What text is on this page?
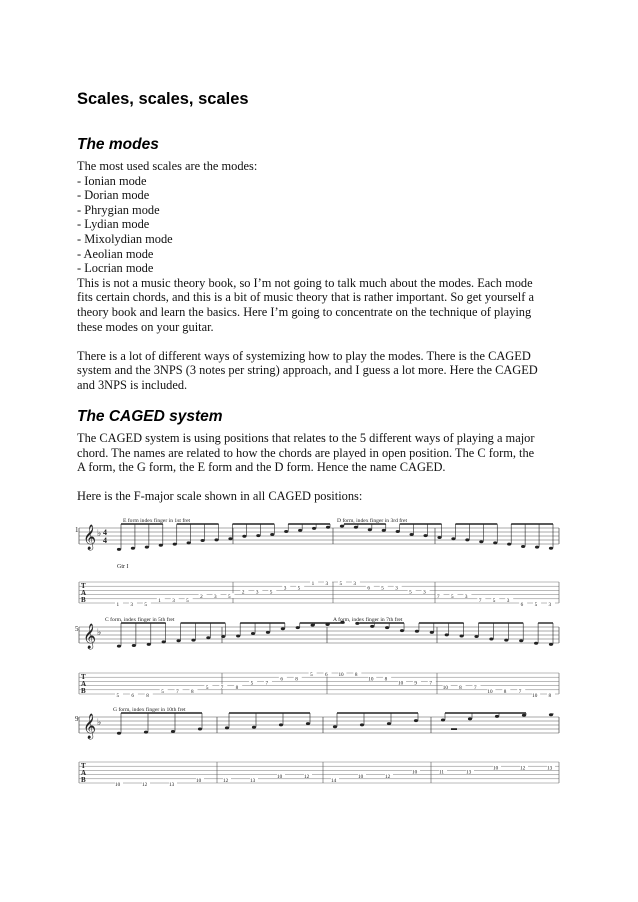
Scales, scales, scales
The modes

The most used scales are the modes:

- Ionian mode
- Dorian mode
- Phrygian mode
- Lydian mode
- Mixolydian mode
- Aeolian mode
- Locrian mode
This is not a music theory book, so I’m not going to talk much about the modes. Each mode
fits certain chords, and this is a bit of music theory that is rather important. So get yourself a
theory book and learn the basics. Here I’m going to concentrate on the technique of playing
these modes on your guitar.
There is a lot of different ways of systemizing how to play the modes. There is the CAGED
system and the 3NPS (3 notes per string) approach, and I guess a lot more. Here the CAGED
and 3NPS is included.
The CAGED system
The CAGED system is using positions that relates to the 5 different ways of playing a major
chord. The names are related to how the chords are played in open position. The C form, the
A form, the G form, the E form and the D form. Hence the name CAGED.
Here is the F-major scale shown in all CAGED positions:
1 𝄞 ♭ 4
4
Gtr I
T
A
B
E form index finger in 1st fret	D form, index finger in 3rd fret
1 3 5
1 3 5
2 3 5
2 3 5
3 5
1 3 5 3
6 5 3
5 3
7 5 3
7 5 3
6 5 3
5 𝄞 ♭
T
A
B
C form, index finger in 5th fret	A form, index finger in 7th fret
5 6 8
5 7 8
5 7 8
5 7
6 8
5 6 10 8
10 8
10 9 7
10 8 7
10 8 7
10 8
9 𝄞 ♭
T
A
B
G form, index finger in 10th fret
10	12	13
10	12	13
10	12
14
10	12
10	11	13
10	12	13
▬
